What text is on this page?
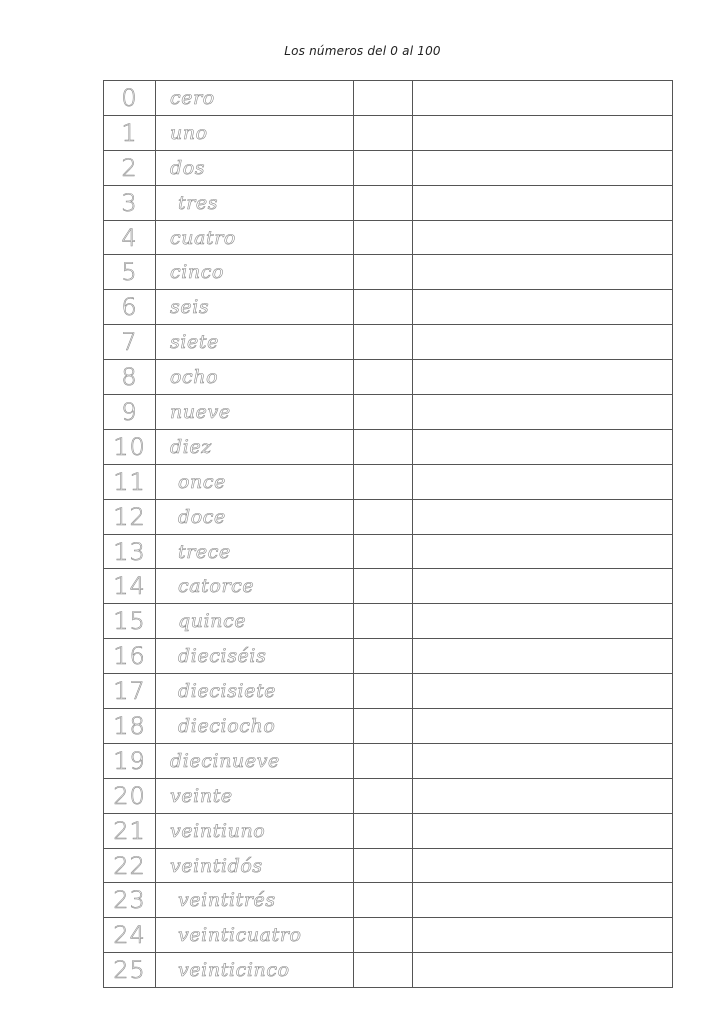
Los números del 0 al 100
0	cero		
1	uno		
2	dos		
3	tres		
4	cuatro		
5	cinco		
6	seis		
7	siete		
8	ocho		
9	nueve		
10	diez		
11	once		
12	doce		
13	trece		
14	catorce		
15	quince		
16	dieciséis		
17	diecisiete		
18	dieciocho		
19	diecinueve		
20	veinte		
21	veintiuno		
22	veintidós		
23	veintitrés		
24	veinticuatro		
25	veinticinco		
